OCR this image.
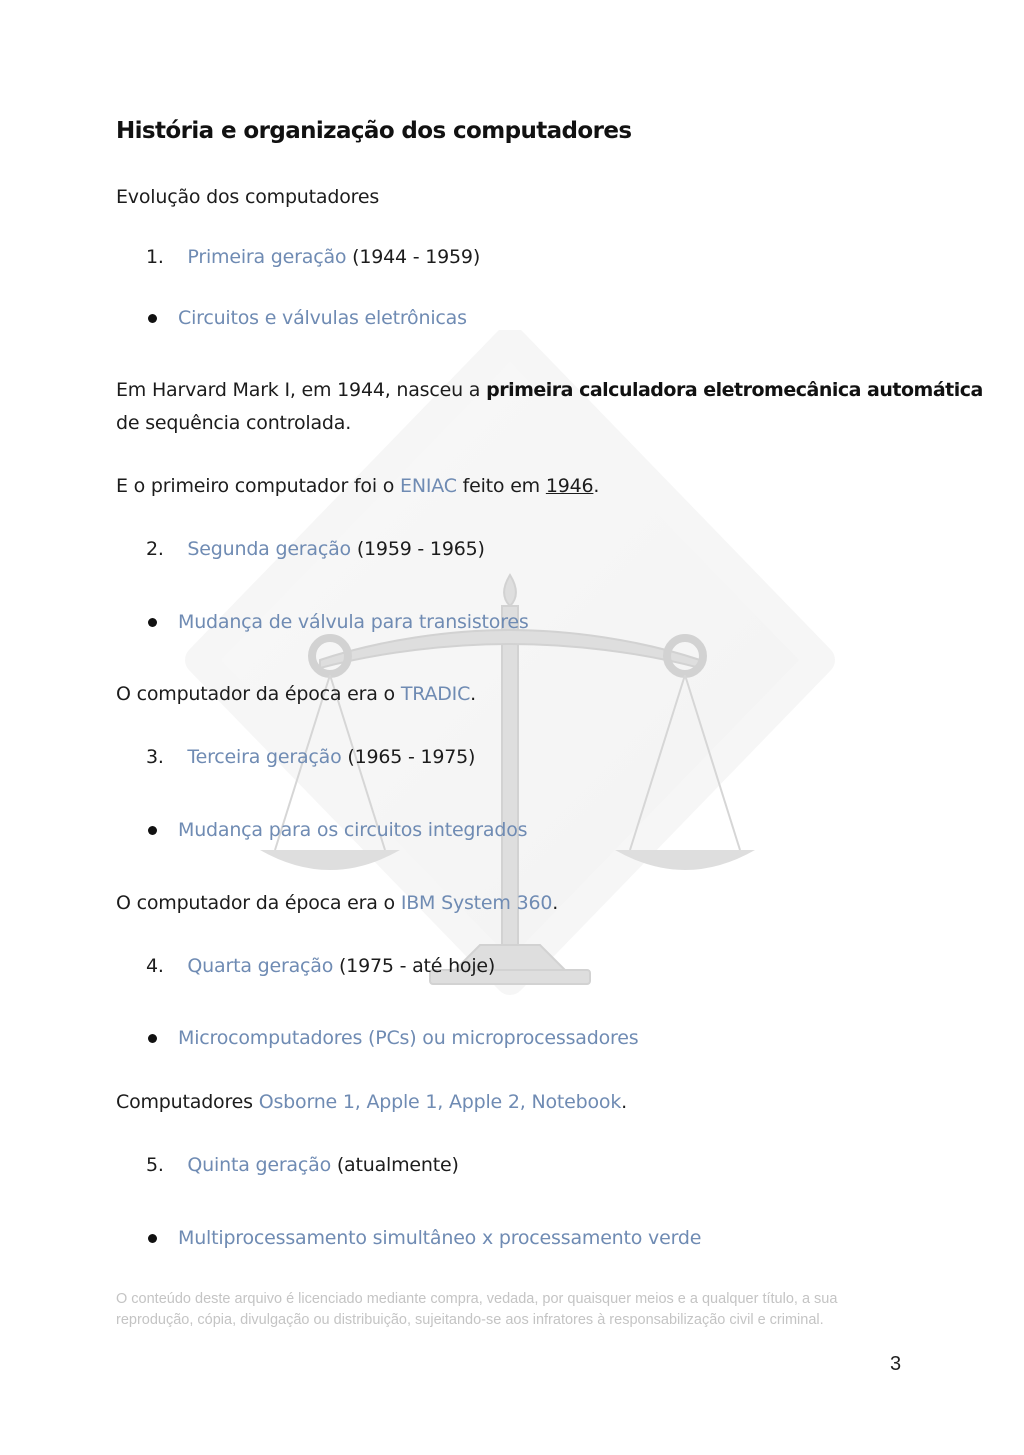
História e organização dos computadores
Evolução dos computadores
1. Primeira geração (1944 - 1959)
Circuitos e válvulas eletrônicas
Em Harvard Mark I, em 1944, nasceu a primeira calculadora eletromecânica automática
de sequência controlada.
E o primeiro computador foi o ENIAC feito em 1946.
2. Segunda geração (1959 - 1965)
Mudança de válvula para transistores
O computador da época era o TRADIC.
3. Terceira geração (1965 - 1975)
Mudança para os circuitos integrados
O computador da época era o IBM System 360.
4. Quarta geração (1975 - até hoje)
Microcomputadores (PCs) ou microprocessadores
Computadores Osborne 1, Apple 1, Apple 2, Notebook.
5. Quinta geração (atualmente)
Multiprocessamento simultâneo x processamento verde
O conteúdo deste arquivo é licenciado mediante compra, vedada, por quaisquer meios e a qualquer título, a sua
reprodução, cópia, divulgação ou distribuição, sujeitando-se aos infratores à responsabilização civil e criminal.
3
